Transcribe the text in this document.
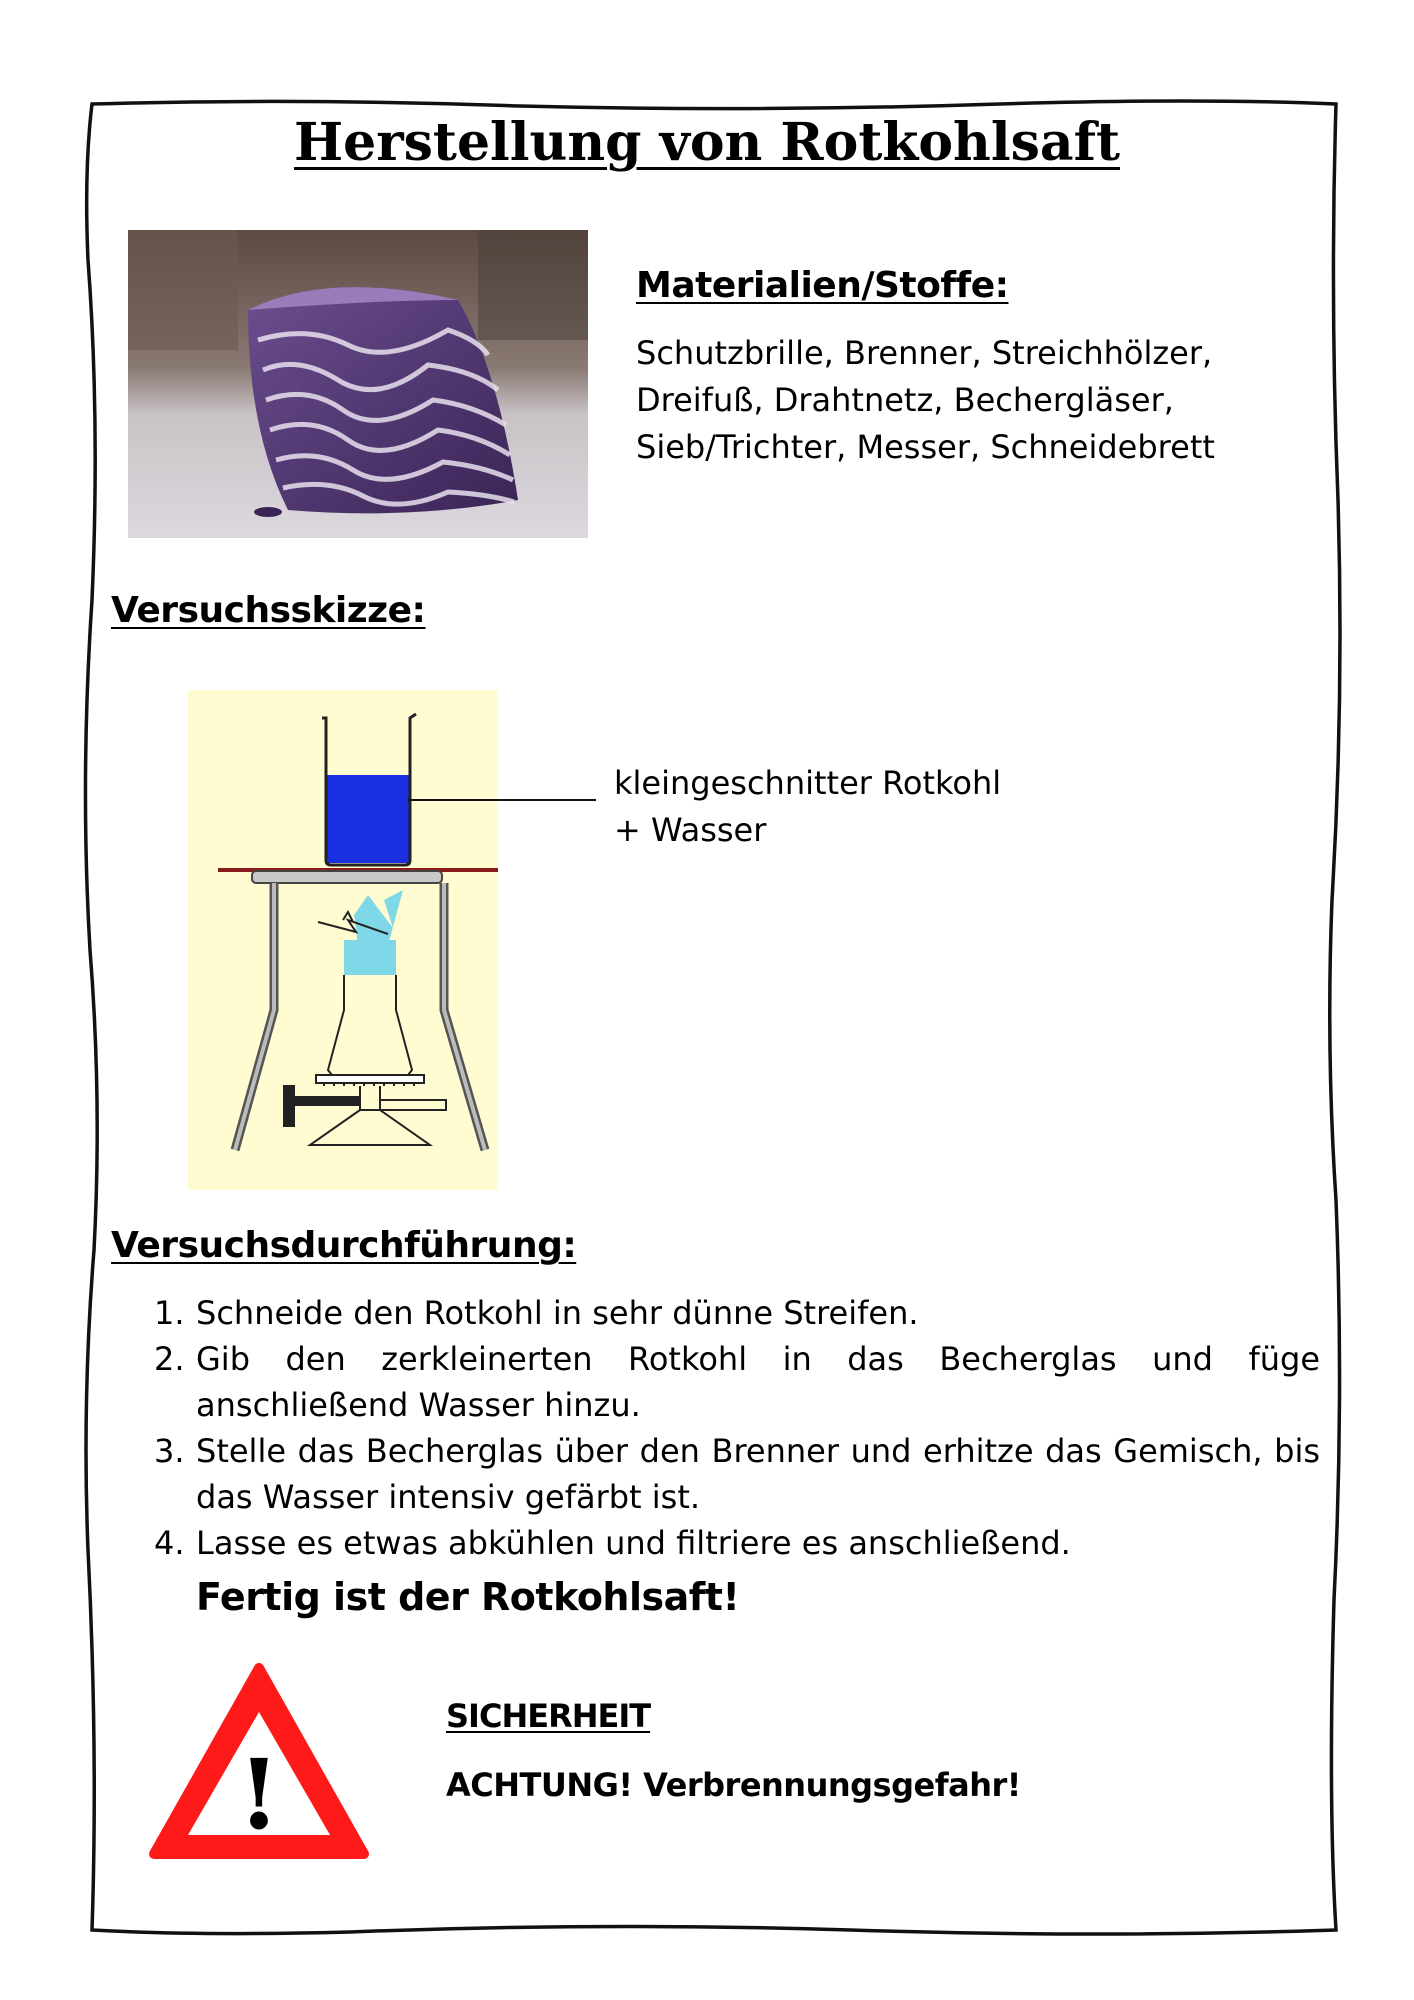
Herstellung von Rotkohlsaft
Materialien/Stoffe:
Schutzbrille, Brenner, Streichhölzer,
Dreifuß, Drahtnetz, Bechergläser,
Sieb/Trichter, Messer, Schneidebrett
Versuchsskizze:
kleingeschnitter Rotkohl
+ Wasser
Versuchsdurchführung:
1. Schneide den Rotkohl in sehr dünne Streifen.
2. Gib den zerkleinerten Rotkohl in das Becherglas und füge anschließend Wasser hinzu.
3. Stelle das Becherglas über den Brenner und erhitze das Gemisch, bis das Wasser intensiv gefärbt ist.
4. Lasse es etwas abkühlen und filtriere es anschließend.
Fertig ist der Rotkohlsaft!
!
SICHERHEIT
ACHTUNG! Verbrennungsgefahr!
